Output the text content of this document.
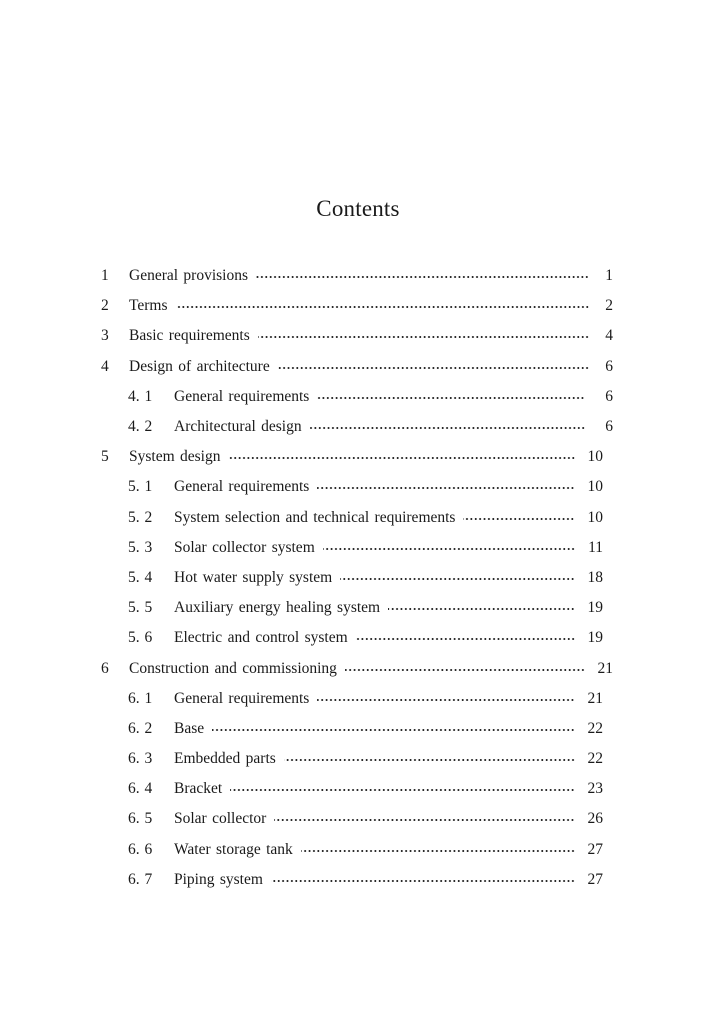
Contents
1	General provisions	1
2	Terms	2
3	Basic requirements	4
4	Design of architecture	6
4. 1	General requirements	6
4. 2	Architectural design	6
5	System design	10
5. 1	General requirements	10
5. 2	System selection and technical requirements	10
5. 3	Solar collector system	11
5. 4	Hot water supply system	18
5. 5	Auxiliary energy healing system	19
5. 6	Electric and control system	19
6	Construction and commissioning	21
6. 1	General requirements	21
6. 2	Base	22
6. 3	Embedded parts	22
6. 4	Bracket	23
6. 5	Solar collector	26
6. 6	Water storage tank	27
6. 7	Piping system	27
